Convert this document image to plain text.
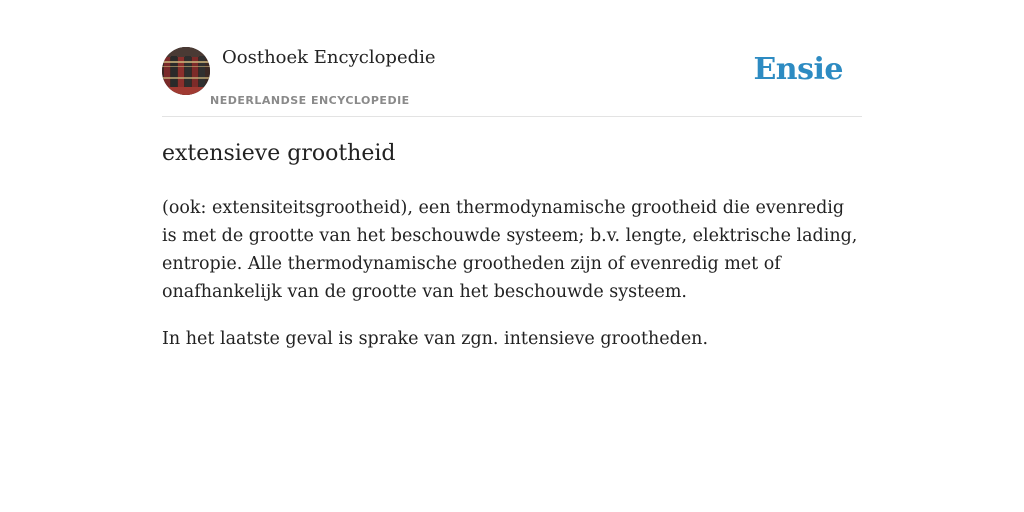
Oosthoek Encyclopedie
NEDERLANDSE ENCYCLOPEDIE
Ensie
extensieve grootheid

(ook: extensiteitsgrootheid), een thermodynamische grootheid die evenredig is met de grootte van het beschouwde systeem; b.v. lengte, elektrische lading, entropie. Alle thermodynamische grootheden zijn of evenredig met of onafhankelijk van de grootte van het beschouwde systeem.

In het laatste geval is sprake van zgn. intensieve grootheden.
